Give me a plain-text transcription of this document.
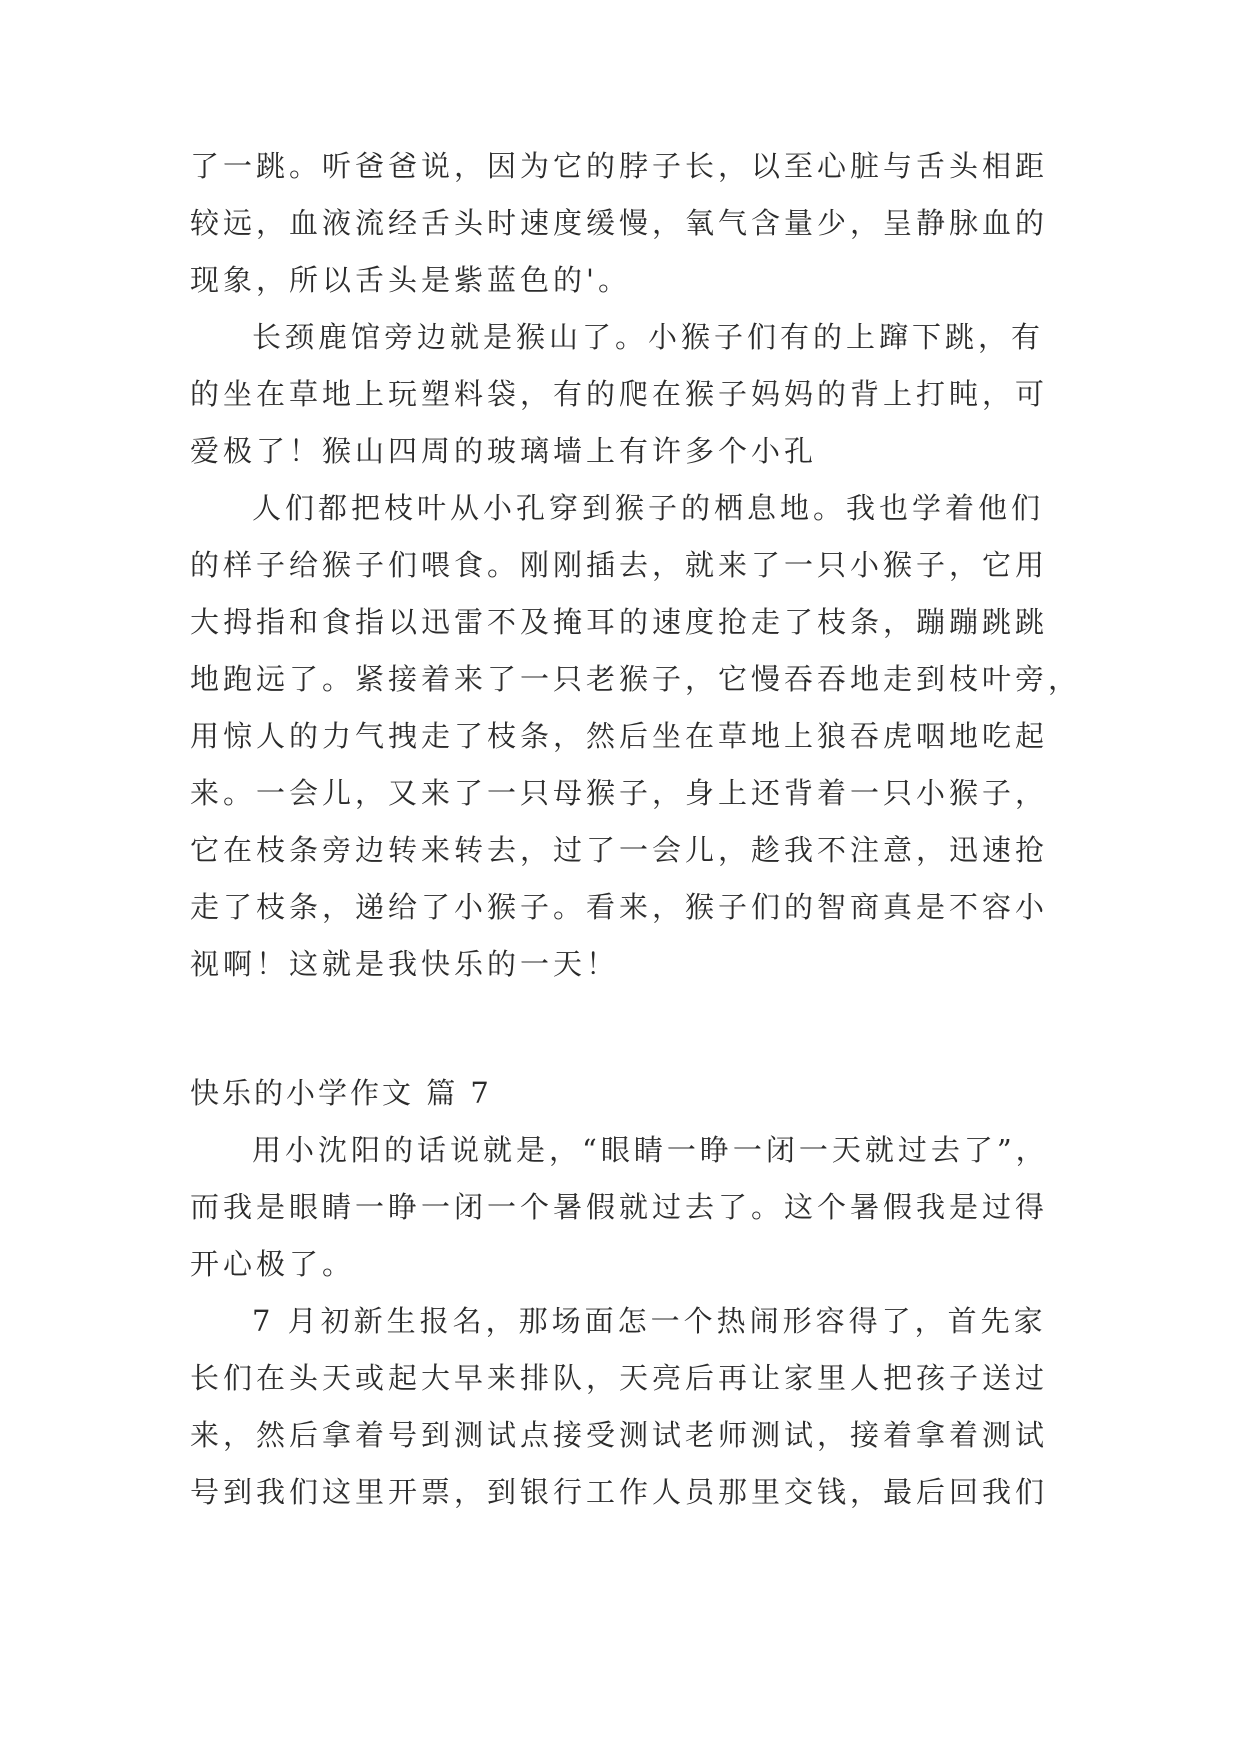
了一跳。听爸爸说，因为它的脖子长，以至心脏与舌头相距
较远，血液流经舌头时速度缓慢，氧气含量少，呈静脉血的
现象，所以舌头是紫蓝色的'。
长颈鹿馆旁边就是猴山了。小猴子们有的上蹿下跳，有
的坐在草地上玩塑料袋，有的爬在猴子妈妈的背上打盹，可
爱极了！猴山四周的玻璃墙上有许多个小孔
人们都把枝叶从小孔穿到猴子的栖息地。我也学着他们
的样子给猴子们喂食。刚刚插去，就来了一只小猴子，它用
大拇指和食指以迅雷不及掩耳的速度抢走了枝条，蹦蹦跳跳
地跑远了。紧接着来了一只老猴子，它慢吞吞地走到枝叶旁，
用惊人的力气拽走了枝条，然后坐在草地上狼吞虎咽地吃起
来。一会儿，又来了一只母猴子，身上还背着一只小猴子，
它在枝条旁边转来转去，过了一会儿，趁我不注意，迅速抢
走了枝条，递给了小猴子。看来，猴子们的智商真是不容小
视啊！这就是我快乐的一天！
快乐的小学作文 篇 7
用小沈阳的话说就是，“眼睛一睁一闭一天就过去了”，
而我是眼睛一睁一闭一个暑假就过去了。这个暑假我是过得
开心极了。
7 月初新生报名，那场面怎一个热闹形容得了，首先家
长们在头天或起大早来排队，天亮后再让家里人把孩子送过
来，然后拿着号到测试点接受测试老师测试，接着拿着测试
号到我们这里开票，到银行工作人员那里交钱，最后回我们
